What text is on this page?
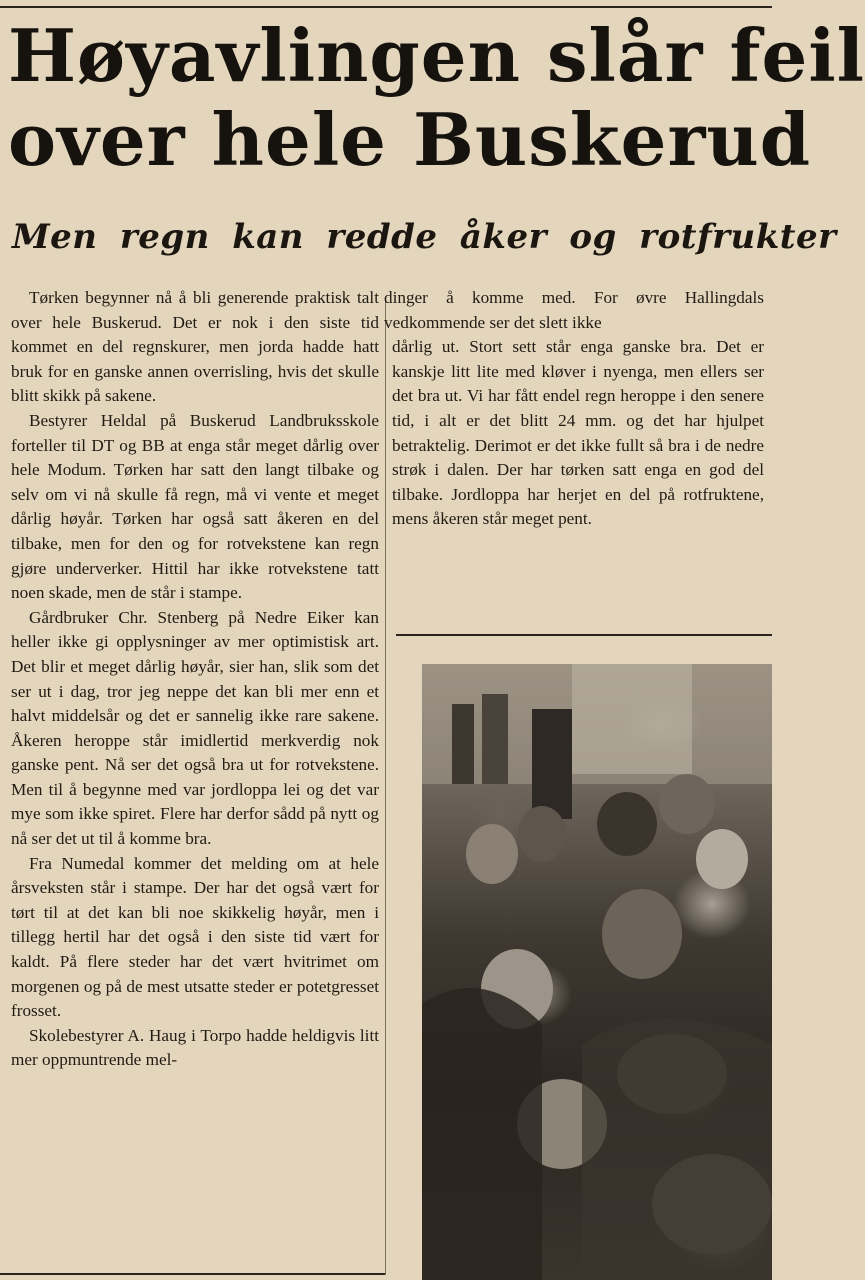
Høyavlingen slår feil
over hele Buskerud
Men regn kan redde åker og rotfrukter

Tørken begynner nå å bli generende praktisk talt over hele Buskerud. Det er nok i den siste tid kommet en del regnskurer, men jorda hadde hatt bruk for en ganske annen overrisling, hvis det skulle blitt skikk på sakene.

Bestyrer Heldal på Buskerud Landbruksskole forteller til DT og BB at enga står meget dårlig over hele Modum. Tørken har satt den langt tilbake og selv om vi nå skulle få regn, må vi vente et meget dårlig høyår. Tørken har også satt åkeren en del tilbake, men for den og for rotvekstene kan regn gjøre underverker. Hittil har ikke rotvekstene tatt noen skade, men de står i stampe.

Gårdbruker Chr. Stenberg på Nedre Eiker kan heller ikke gi opplysninger av mer optimistisk art. Det blir et meget dårlig høyår, sier han, slik som det ser ut i dag, tror jeg neppe det kan bli mer enn et halvt middelsår og det er sannelig ikke rare sakene. Åkeren heroppe står imidlertid merkverdig nok ganske pent. Nå ser det også bra ut for rotvekstene. Men til å begynne med var jordloppa lei og det var mye som ikke spiret. Flere har derfor sådd på nytt og nå ser det ut til å komme bra.

Fra Numedal kommer det melding om at hele årsveksten står i stampe. Der har det også vært for tørt til at det kan bli noe skikkelig høyår, men i tillegg hertil har det også i den siste tid vært for kaldt. På flere steder har det vært hvitrimet om morgenen og på de mest utsatte steder er potetgresset frosset.

Skolebestyrer A. Haug i Torpo hadde heldigvis litt mer oppmuntrende mel-

dinger å komme med. For øvre Hallingdals vedkommende ser det slett ikke

dårlig ut. Stort sett står enga ganske bra. Det er kanskje litt lite med kløver i nyenga, men ellers ser det bra ut. Vi har fått endel regn heroppe i den senere tid, i alt er det blitt 24 mm. og det har hjulpet betraktelig. Derimot er det ikke fullt så bra i de nedre strøk i dalen. Der har tørken satt enga en god del tilbake. Jordloppa har herjet en del på rotfruktene, mens åkeren står meget pent.
